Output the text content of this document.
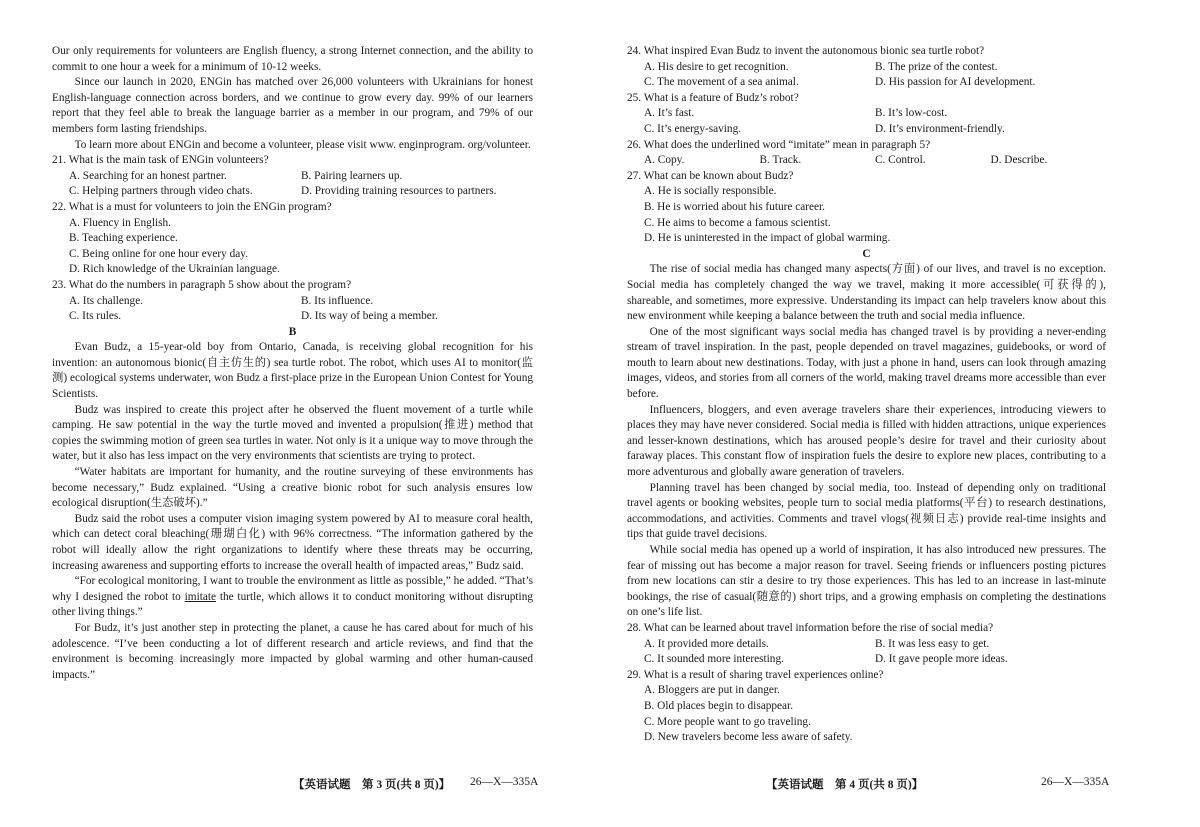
Our only requirements for volunteers are English fluency, a strong Internet connection, and the ability to commit to one hour a week for a minimum of 10-12 weeks.

Since our launch in 2020, ENGin has matched over 26,000 volunteers with Ukrainians for honest English-language connection across borders, and we continue to grow every day. 99% of our learners report that they feel able to break the language barrier as a member in our program, and 79% of our members form lasting friendships.

To learn more about ENGin and become a volunteer, please visit www. enginprogram. org/volunteer.

21. What is the main task of ENGin volunteers?
A. Searching for an honest partner.	B. Pairing learners up.
C. Helping partners through video chats.	D. Providing training resources to partners.
22. What is a must for volunteers to join the ENGin program?
A. Fluency in English.
B. Teaching experience.
C. Being online for one hour every day.
D. Rich knowledge of the Ukrainian language.
23. What do the numbers in paragraph 5 show about the program?
A. Its challenge.	B. Its influence.
C. Its rules.	D. Its way of being a member.
B

Evan Budz, a 15-year-old boy from Ontario, Canada, is receiving global recognition for his invention: an autonomous bionic(自主仿生的) sea turtle robot. The robot, which uses AI to monitor(监测) ecological systems underwater, won Budz a first-place prize in the European Union Contest for Young Scientists.

Budz was inspired to create this project after he observed the fluent movement of a turtle while camping. He saw potential in the way the turtle moved and invented a propulsion(推进) method that copies the swimming motion of green sea turtles in water. Not only is it a unique way to move through the water, but it also has less impact on the very environments that scientists are trying to protect.

“Water habitats are important for humanity, and the routine surveying of these environments has become necessary,” Budz explained. “Using a creative bionic robot for such analysis ensures low ecological disruption(生态破坏).”

Budz said the robot uses a computer vision imaging system powered by AI to measure coral health, which can detect coral bleaching(珊瑚白化) with 96% correctness. “The information gathered by the robot will ideally allow the right organizations to identify where these threats may be occurring, increasing awareness and supporting efforts to increase the overall health of impacted areas,” Budz said.

“For ecological monitoring, I want to trouble the environment as little as possible,” he added. “That’s why I designed the robot to imitate the turtle, which allows it to conduct monitoring without disrupting other living things.”

For Budz, it’s just another step in protecting the planet, a cause he has cared about for much of his adolescence. “I’ve been conducting a lot of different research and article reviews, and find that the environment is becoming increasingly more impacted by global warming and other human-caused impacts.”

【英语试题　第 3 页(共 8 页)】 26—X—335A
24. What inspired Evan Budz to invent the autonomous bionic sea turtle robot?
A. His desire to get recognition.	B. The prize of the contest.
C. The movement of a sea animal.	D. His passion for AI development.
25. What is a feature of Budz’s robot?
A. It’s fast.	B. It’s low-cost.
C. It’s energy-saving.	D. It’s environment-friendly.
26. What does the underlined word “imitate” mean in paragraph 5?
A. Copy.	B. Track.	C. Control.	D. Describe.
27. What can be known about Budz?
A. He is socially responsible.
B. He is worried about his future career.
C. He aims to become a famous scientist.
D. He is uninterested in the impact of global warming.
C

The rise of social media has changed many aspects(方面) of our lives, and travel is no exception. Social media has completely changed the way we travel, making it more accessible(可获得的), shareable, and sometimes, more expressive. Understanding its impact can help travelers know about this new environment while keeping a balance between the truth and social media influence.

One of the most significant ways social media has changed travel is by providing a never-ending stream of travel inspiration. In the past, people depended on travel magazines, guidebooks, or word of mouth to learn about new destinations. Today, with just a phone in hand, users can look through amazing images, videos, and stories from all corners of the world, making travel dreams more accessible than ever before.

Influencers, bloggers, and even average travelers share their experiences, introducing viewers to places they may have never considered. Social media is filled with hidden attractions, unique experiences and lesser-known destinations, which has aroused people’s desire for travel and their curiosity about faraway places. This constant flow of inspiration fuels the desire to explore new places, contributing to a more adventurous and globally aware generation of travelers.

Planning travel has been changed by social media, too. Instead of depending only on traditional travel agents or booking websites, people turn to social media platforms(平台) to research destinations, accommodations, and activities. Comments and travel vlogs(视频日志) provide real-time insights and tips that guide travel decisions.

While social media has opened up a world of inspiration, it has also introduced new pressures. The fear of missing out has become a major reason for travel. Seeing friends or influencers posting pictures from new locations can stir a desire to try those experiences. This has led to an increase in last-minute bookings, the rise of casual(随意的) short trips, and a growing emphasis on completing the destinations on one’s life list.

28. What can be learned about travel information before the rise of social media?
A. It provided more details.	B. It was less easy to get.
C. It sounded more interesting.	D. It gave people more ideas.
29. What is a result of sharing travel experiences online?
A. Bloggers are put in danger.
B. Old places begin to disappear.
C. More people want to go traveling.
D. New travelers become less aware of safety.
【英语试题　第 4 页(共 8 页)】	26—X—335A
